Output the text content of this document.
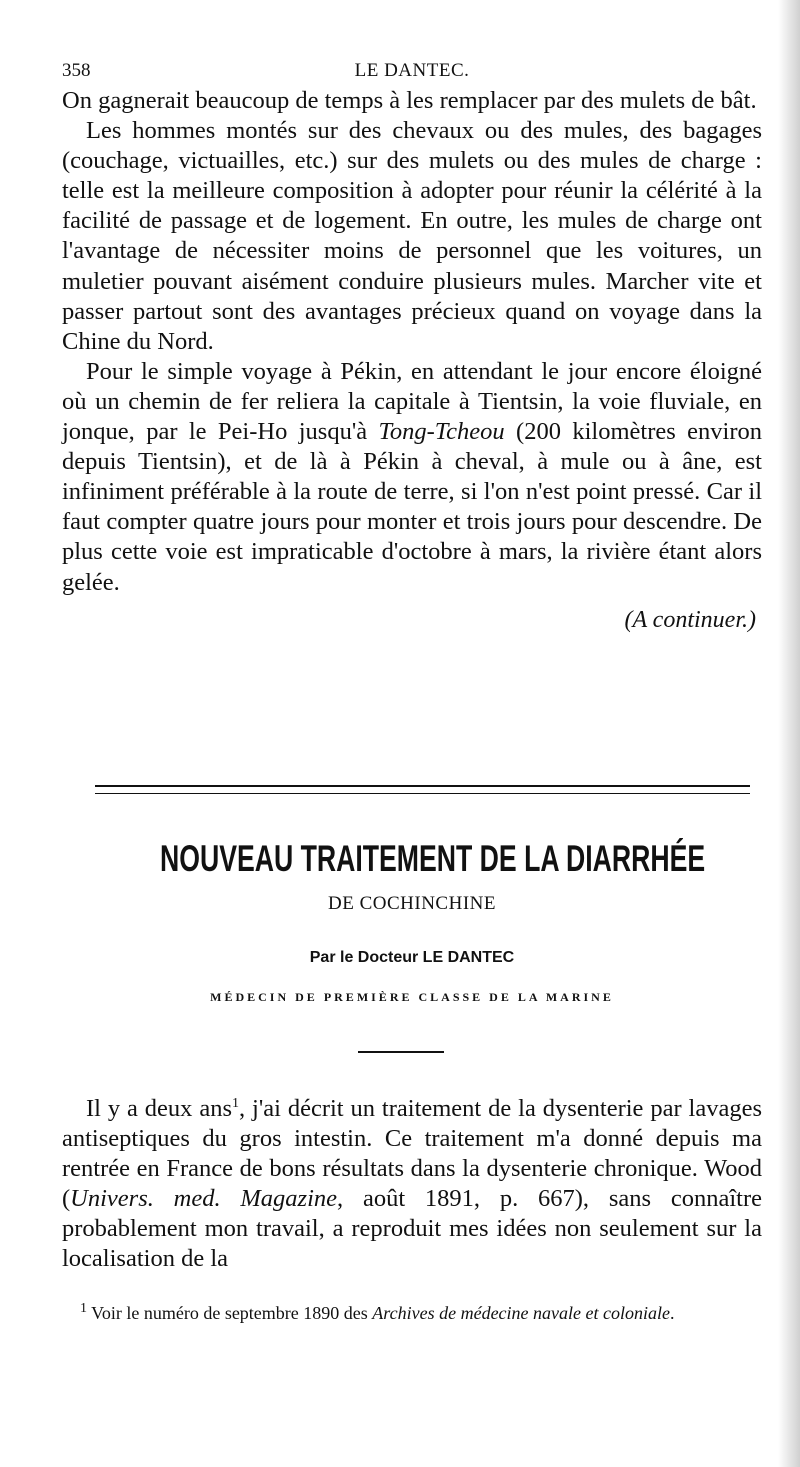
358	LE DANTEC.

On gagnerait beaucoup de temps à les remplacer par des mulets de bât.

Les hommes montés sur des chevaux ou des mules, des bagages (couchage, victuailles, etc.) sur des mulets ou des mules de charge : telle est la meilleure composition à adopter pour réunir la célérité à la facilité de passage et de logement. En outre, les mules de charge ont l'avantage de nécessiter moins de personnel que les voitures, un muletier pouvant aisément conduire plusieurs mules. Marcher vite et passer partout sont des avantages précieux quand on voyage dans la Chine du Nord.

Pour le simple voyage à Pékin, en attendant le jour encore éloigné où un chemin de fer reliera la capitale à Tientsin, la voie fluviale, en jonque, par le Pei-Ho jusqu'à Tong-Tcheou (200 kilomètres environ depuis Tientsin), et de là à Pékin à cheval, à mule ou à âne, est infiniment préférable à la route de terre, si l'on n'est point pressé. Car il faut compter quatre jours pour monter et trois jours pour descendre. De plus cette voie est impraticable d'octobre à mars, la rivière étant alors gelée.

(A continuer.)
NOUVEAU TRAITEMENT DE LA DIARRHÉE
DE COCHINCHINE
Par le Docteur LE DANTEC
MÉDECIN DE PREMIÈRE CLASSE DE LA MARINE

Il y a deux ans$^1$, j'ai décrit un traitement de la dysenterie par lavages antiseptiques du gros intestin. Ce traitement m'a donné depuis ma rentrée en France de bons résultats dans la dysenterie chronique. Wood (Univers. med. Magazine, août 1891, p. 667), sans connaître probablement mon travail, a reproduit mes idées non seulement sur la localisation de la

$^1$ Voir le numéro de septembre 1890 des Archives de médecine navale et coloniale.
